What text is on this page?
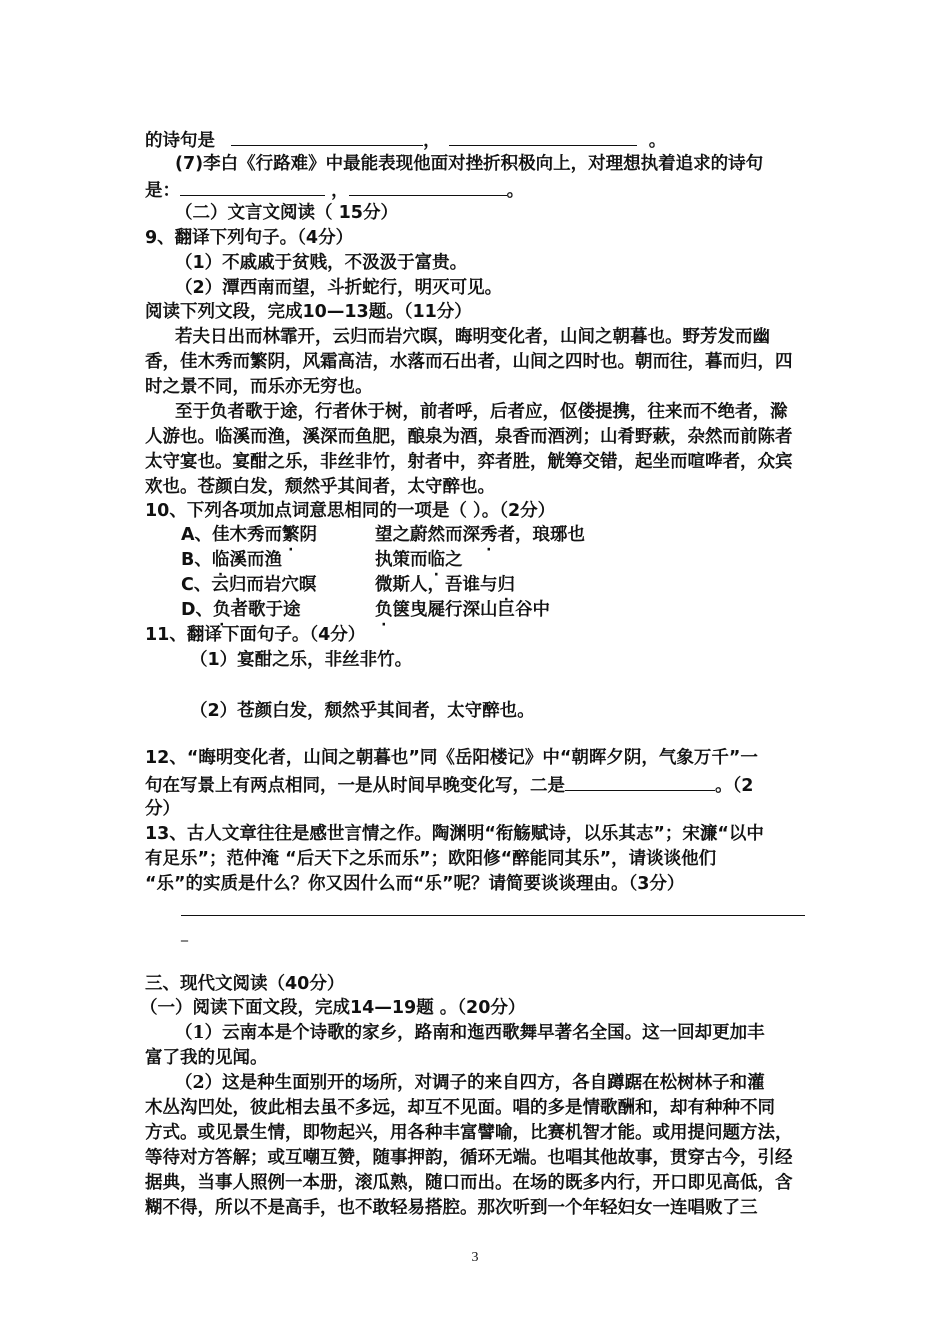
的诗句是	，	。
(7)李白《行路难》中最能表现他面对挫折积极向上，对理想执着追求的诗句
是：	，	。
（二）文言文阅读（ 15分）
9、翻译下列句子。（4分）
（1）不戚戚于贫贱，不汲汲于富贵。
（2）潭西南而望，斗折蛇行，明灭可见。
阅读下列文段，完成10—13题。（11分）
若夫日出而林霏开，云归而岩穴暝，晦明变化者，山间之朝暮也。野芳发而幽
香，佳木秀而繁阴，风霜高洁，水落而石出者，山间之四时也。朝而往，暮而归，四
时之景不同，而乐亦无穷也。
至于负者歌于途，行者休于树，前者呼，后者应，伛偻提携，往来而不绝者，滁
人游也。临溪而渔，溪深而鱼肥，酿泉为酒，泉香而酒洌；山肴野蔌，杂然而前陈者
太守宴也。宴酣之乐，非丝非竹，射者中，弈者胜，觥筹交错，起坐而喧哗者，众宾
欢也。苍颜白发，颓然乎其间者，太守醉也。
10、下列各项加点词意思相同的一项是（ ）。（2分）
A、佳木秀而繁阴	望之蔚然而深秀者，琅琊也
B、临溪而渔	执策而临之
C、云归而岩穴暝	微斯人，吾谁与归
D、负者歌于途	负箧曳屣行深山巨谷中
11、翻译下面句子。（4分）
（1）宴酣之乐，非丝非竹。
（2）苍颜白发，颓然乎其间者，太守醉也。
12、“晦明变化者，山间之朝暮也”同《岳阳楼记》中“朝晖夕阴，气象万千”一
句在写景上有两点相同，一是从时间早晚变化写，二是	。（2
分）
13、古人文章往往是感世言情之作。陶渊明“衔觞赋诗，以乐其志”；宋濂“以中
有足乐”；范仲淹 “后天下之乐而乐”；欧阳修“醉能同其乐”，请谈谈他们
“乐”的实质是什么？你又因什么而“乐”呢？请简要谈谈理由。（3分）
_
三、现代文阅读（40分）
（一）阅读下面文段，完成14—19题 。（20分）
（1）云南本是个诗歌的家乡，路南和迤西歌舞早著名全国。这一回却更加丰
富了我的见闻。
（2）这是种生面别开的场所，对调子的来自四方，各自蹲踞在松树林子和灌
木丛沟凹处，彼此相去虽不多远，却互不见面。唱的多是情歌酬和，却有种种不同
方式。或见景生情，即物起兴，用各种丰富譬喻，比赛机智才能。或用提问题方法，
等待对方答解；或互嘲互赞，随事押韵，循环无端。也唱其他故事，贯穿古今，引经
据典，当事人照例一本册，滚瓜熟，随口而出。在场的既多内行，开口即见高低，含
糊不得，所以不是高手，也不敢轻易搭腔。那次听到一个年轻妇女一连唱败了三
3
